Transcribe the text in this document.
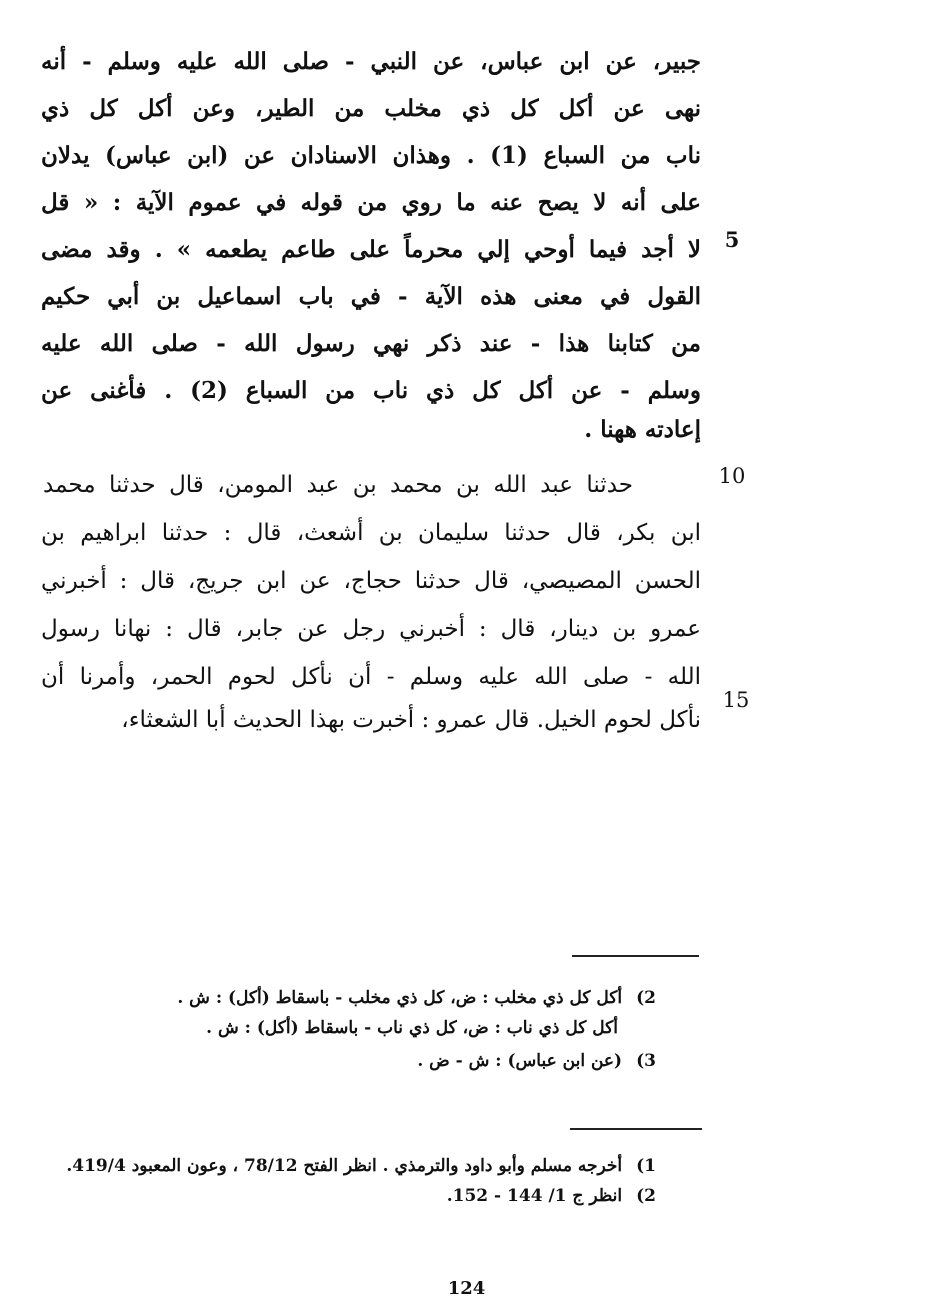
جبير، عن ابن عباس، عن النبي - صلى الله عليه وسلم - أنه
نهى عن أكل كل ذي مخلب من الطير، وعن أكل كل ذي
ناب من السباع (1) . وهذان الاسنادان عن (ابن عباس) يدلان
على أنه لا يصح عنه ما روي من قوله في عموم الآية : « قل
لا أجد فيما أوحي إلي محرماً على طاعم يطعمه » . وقد مضى
القول في معنى هذه الآية - في باب اسماعيل بن أبي حكيم
من كتابنا هذا - عند ذكر نهي رسول الله - صلى الله عليه
وسلم - عن أكل كل ذي ناب من السباع (2) . فأغنى عن
إعادته ههنا .
حدثنا عبد الله بن محمد بن عبد المومن، قال حدثنا محمد
ابن بكر، قال حدثنا سليمان بن أشعث، قال : حدثنا ابراهيم بن
الحسن المصيصي، قال حدثنا حجاج، عن ابن جريج، قال : أخبرني
عمرو بن دينار، قال : أخبرني رجل عن جابر، قال : نهانا رسول
الله - صلى الله عليه وسلم - أن نأكل لحوم الحمر، وأمرنا أن
نأكل لحوم الخيل. قال عمرو : أخبرت بهذا الحديث أبا الشعثاء،
5
10
15
2)أكل كل ذي مخلب : ض، كل ذي مخلب - باسقاط (أكل) : ش .
أكل كل ذي ناب : ض، كل ذي ناب - باسقاط (أكل) : ش .
3)(عن ابن عباس) : ش - ض .
1)أخرجه مسلم وأبو داود والترمذي . انظر الفتح 78/12 ، وعون المعبود 419/4.
2)انظر ج 1/ 144 - 152.
124
